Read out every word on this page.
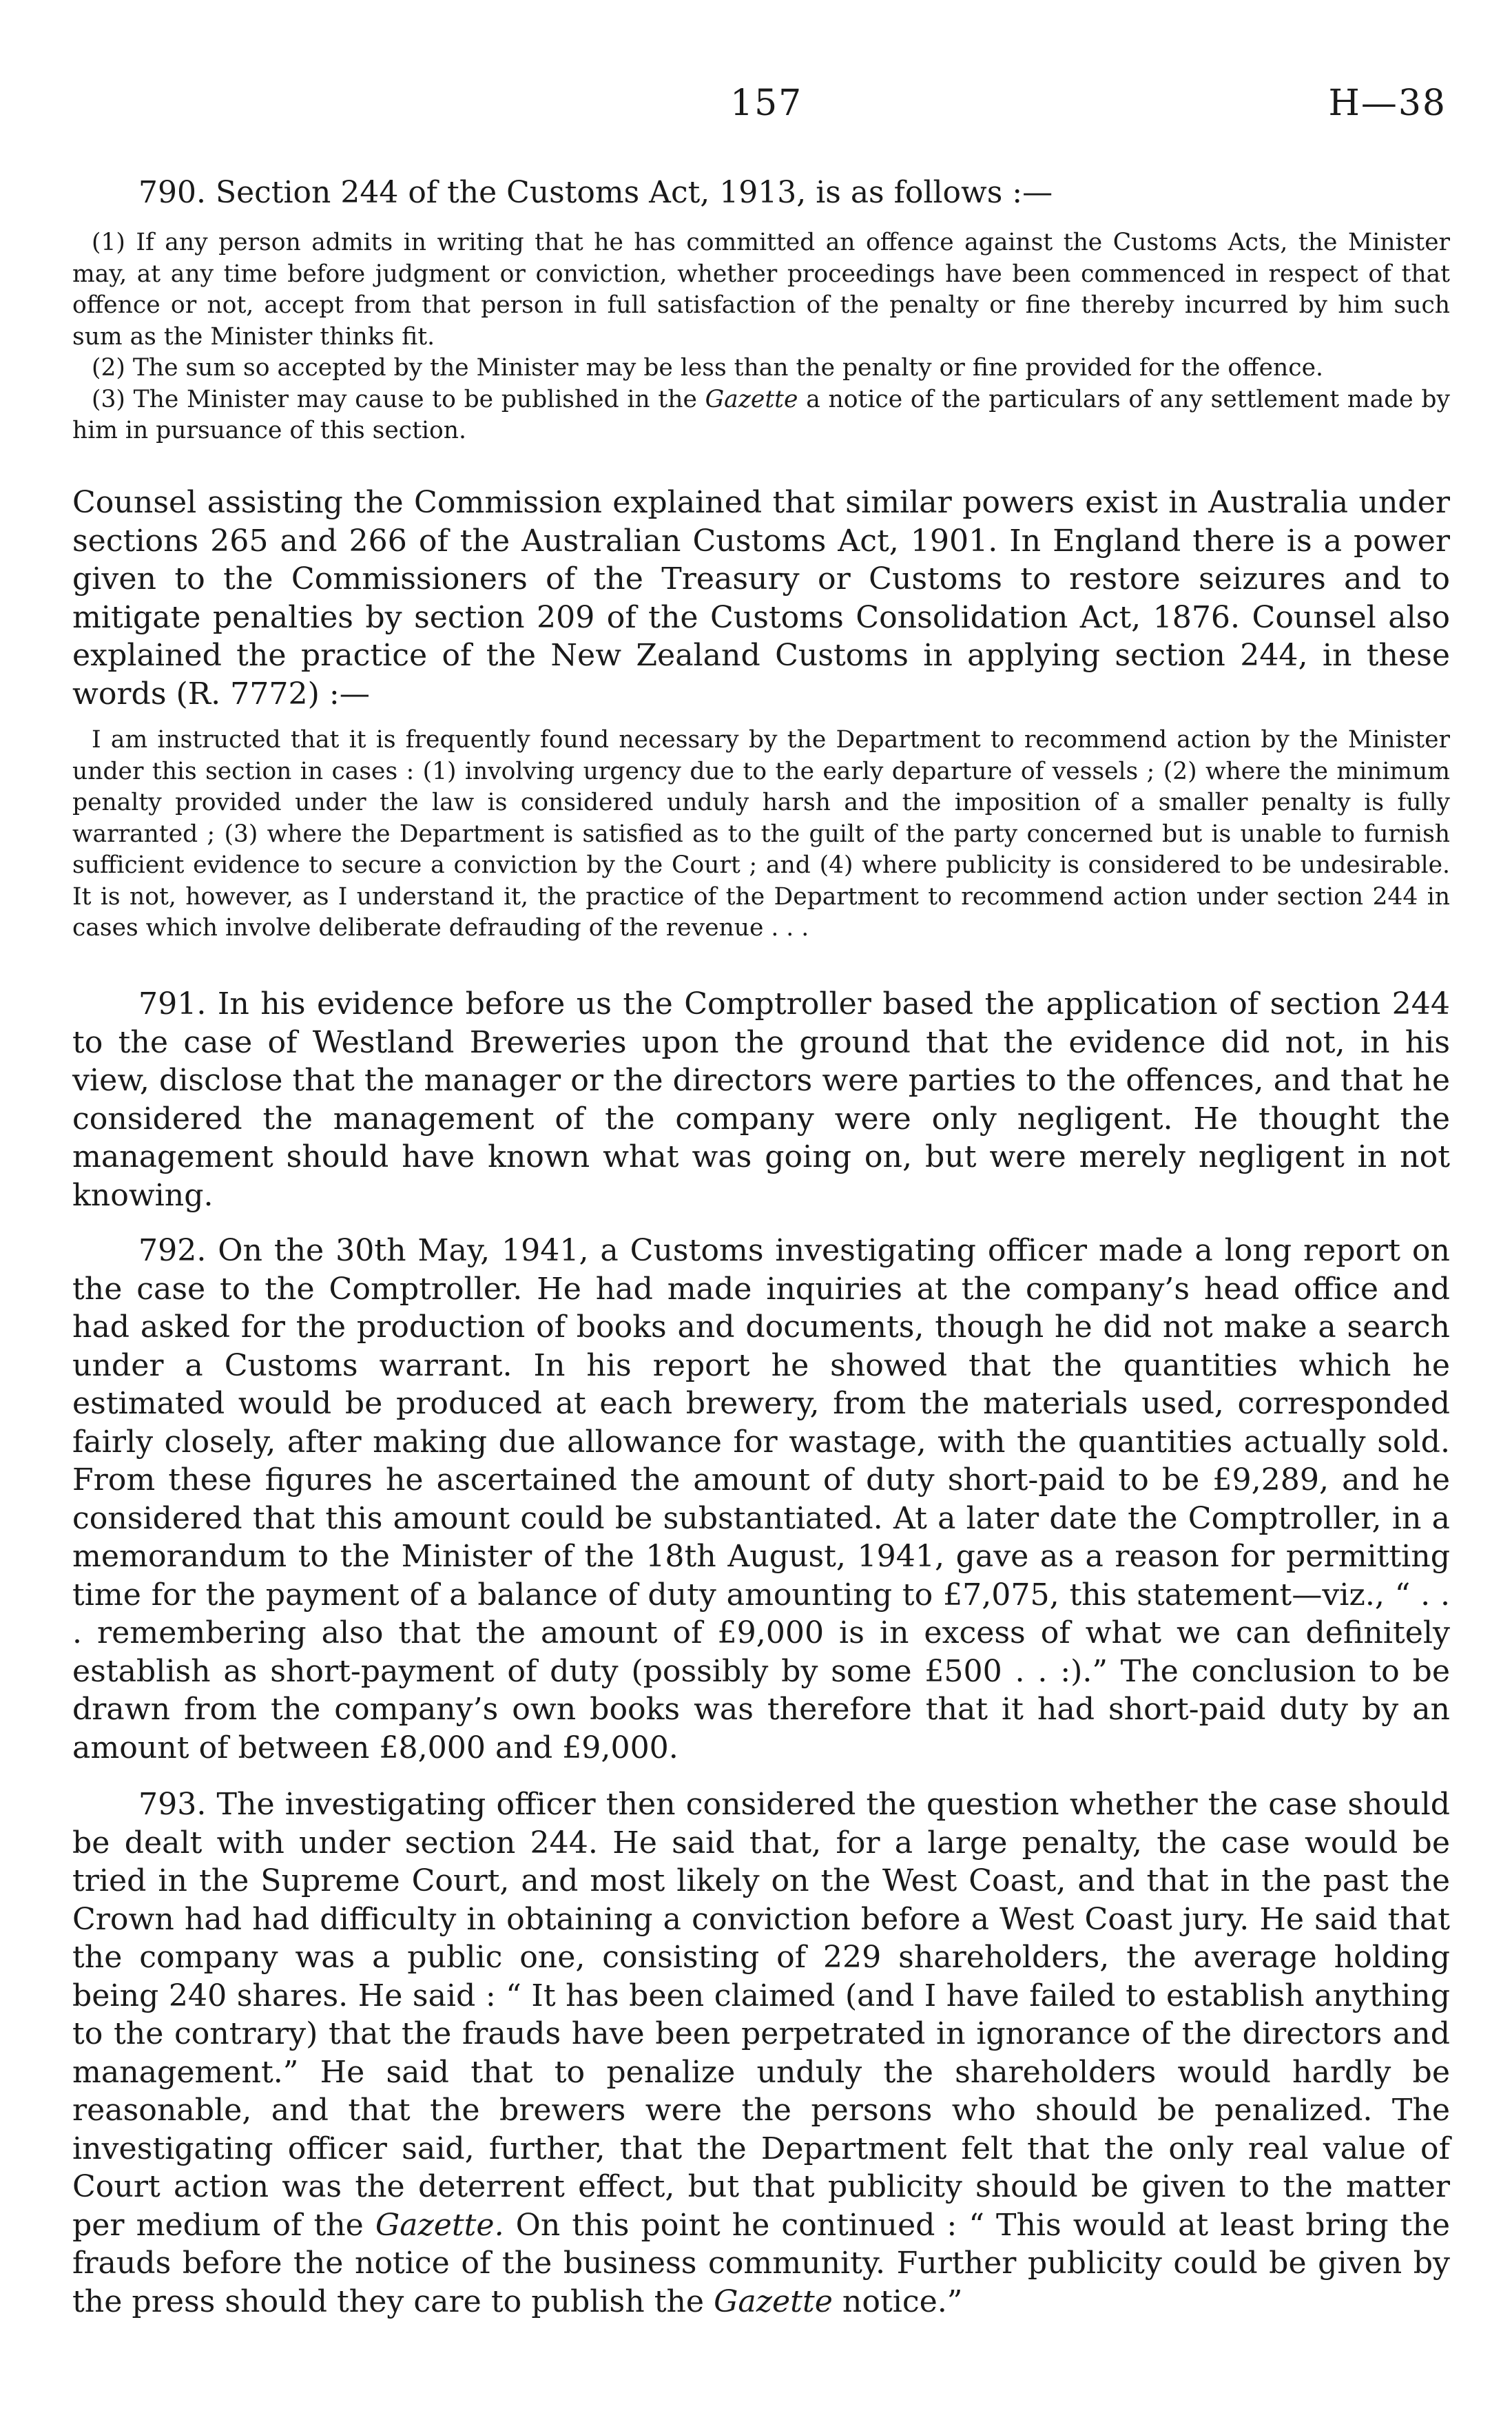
157	H—38

790. Section 244 of the Customs Act, 1913, is as follows :—

(1) If any person admits in writing that he has committed an offence against the Customs Acts, the Minister may, at any time before judgment or conviction, whether proceedings have been commenced in respect of that offence or not, accept from that person in full satisfaction of the penalty or fine thereby incurred by him such sum as the Minister thinks fit.

(2) The sum so accepted by the Minister may be less than the penalty or fine provided for the offence.

(3) The Minister may cause to be published in the Gazette a notice of the particulars of any settlement made by him in pursuance of this section.

Counsel assisting the Commission explained that similar powers exist in Australia under sections 265 and 266 of the Australian Customs Act, 1901. In England there is a power given to the Commissioners of the Treasury or Customs to restore seizures and to mitigate penalties by section 209 of the Customs Consolidation Act, 1876. Counsel also explained the practice of the New Zealand Customs in applying section 244, in these words (R. 7772) :—

I am instructed that it is frequently found necessary by the Department to recommend action by the Minister under this section in cases : (1) involving urgency due to the early departure of vessels ; (2) where the minimum penalty provided under the law is considered unduly harsh and the imposition of a smaller penalty is fully warranted ; (3) where the Department is satisfied as to the guilt of the party concerned but is unable to furnish sufficient evidence to secure a conviction by the Court ; and (4) where publicity is considered to be undesirable. It is not, however, as I understand it, the practice of the Department to recommend action under section 244 in cases which involve deliberate defrauding of the revenue . . .

791. In his evidence before us the Comptroller based the application of section 244 to the case of Westland Breweries upon the ground that the evidence did not, in his view, disclose that the manager or the directors were parties to the offences, and that he considered the management of the company were only negligent. He thought the management should have known what was going on, but were merely negligent in not knowing.

792. On the 30th May, 1941, a Customs investigating officer made a long report on the case to the Comptroller. He had made inquiries at the company’s head office and had asked for the production of books and documents, though he did not make a search under a Customs warrant. In his report he showed that the quantities which he estimated would be produced at each brewery, from the materials used, corresponded fairly closely, after making due allowance for wastage, with the quantities actually sold. From these figures he ascertained the amount of duty short-paid to be £9,289, and he considered that this amount could be substantiated. At a later date the Comptroller, in a memorandum to the Minister of the 18th August, 1941, gave as a reason for permitting time for the payment of a balance of duty amounting to £7,075, this statement—viz., “ . . . remembering also that the amount of £9,000 is in excess of what we can definitely establish as short-payment of duty (possibly by some £500 . . :).” The conclusion to be drawn from the company’s own books was therefore that it had short-paid duty by an amount of between £8,000 and £9,000.

793. The investigating officer then considered the question whether the case should be dealt with under section 244. He said that, for a large penalty, the case would be tried in the Supreme Court, and most likely on the West Coast, and that in the past the Crown had had difficulty in obtaining a conviction before a West Coast jury. He said that the company was a public one, consisting of 229 shareholders, the average holding being 240 shares. He said : “ It has been claimed (and I have failed to establish anything to the contrary) that the frauds have been perpetrated in ignorance of the directors and management.” He said that to penalize unduly the shareholders would hardly be reasonable, and that the brewers were the persons who should be penalized. The investigating officer said, further, that the Department felt that the only real value of Court action was the deterrent effect, but that publicity should be given to the matter per medium of the Gazette. On this point he continued : “ This would at least bring the frauds before the notice of the business community. Further publicity could be given by the press should they care to publish the Gazette notice.”
